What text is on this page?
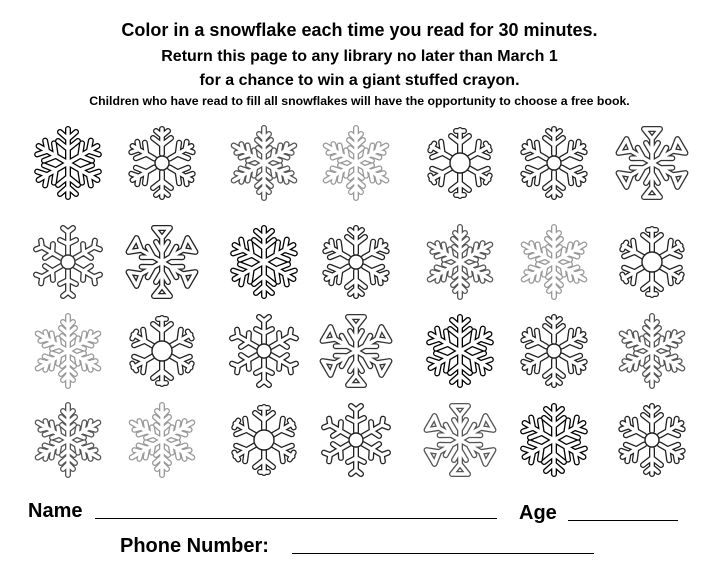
Color in a snowflake each time you read for 30 minutes.
Return this page to any library no later than March 1
for a chance to win a giant stuffed crayon.
Children who have read to fill all snowflakes will have the opportunity to choose a free book.
Name	Age
Phone Number:
